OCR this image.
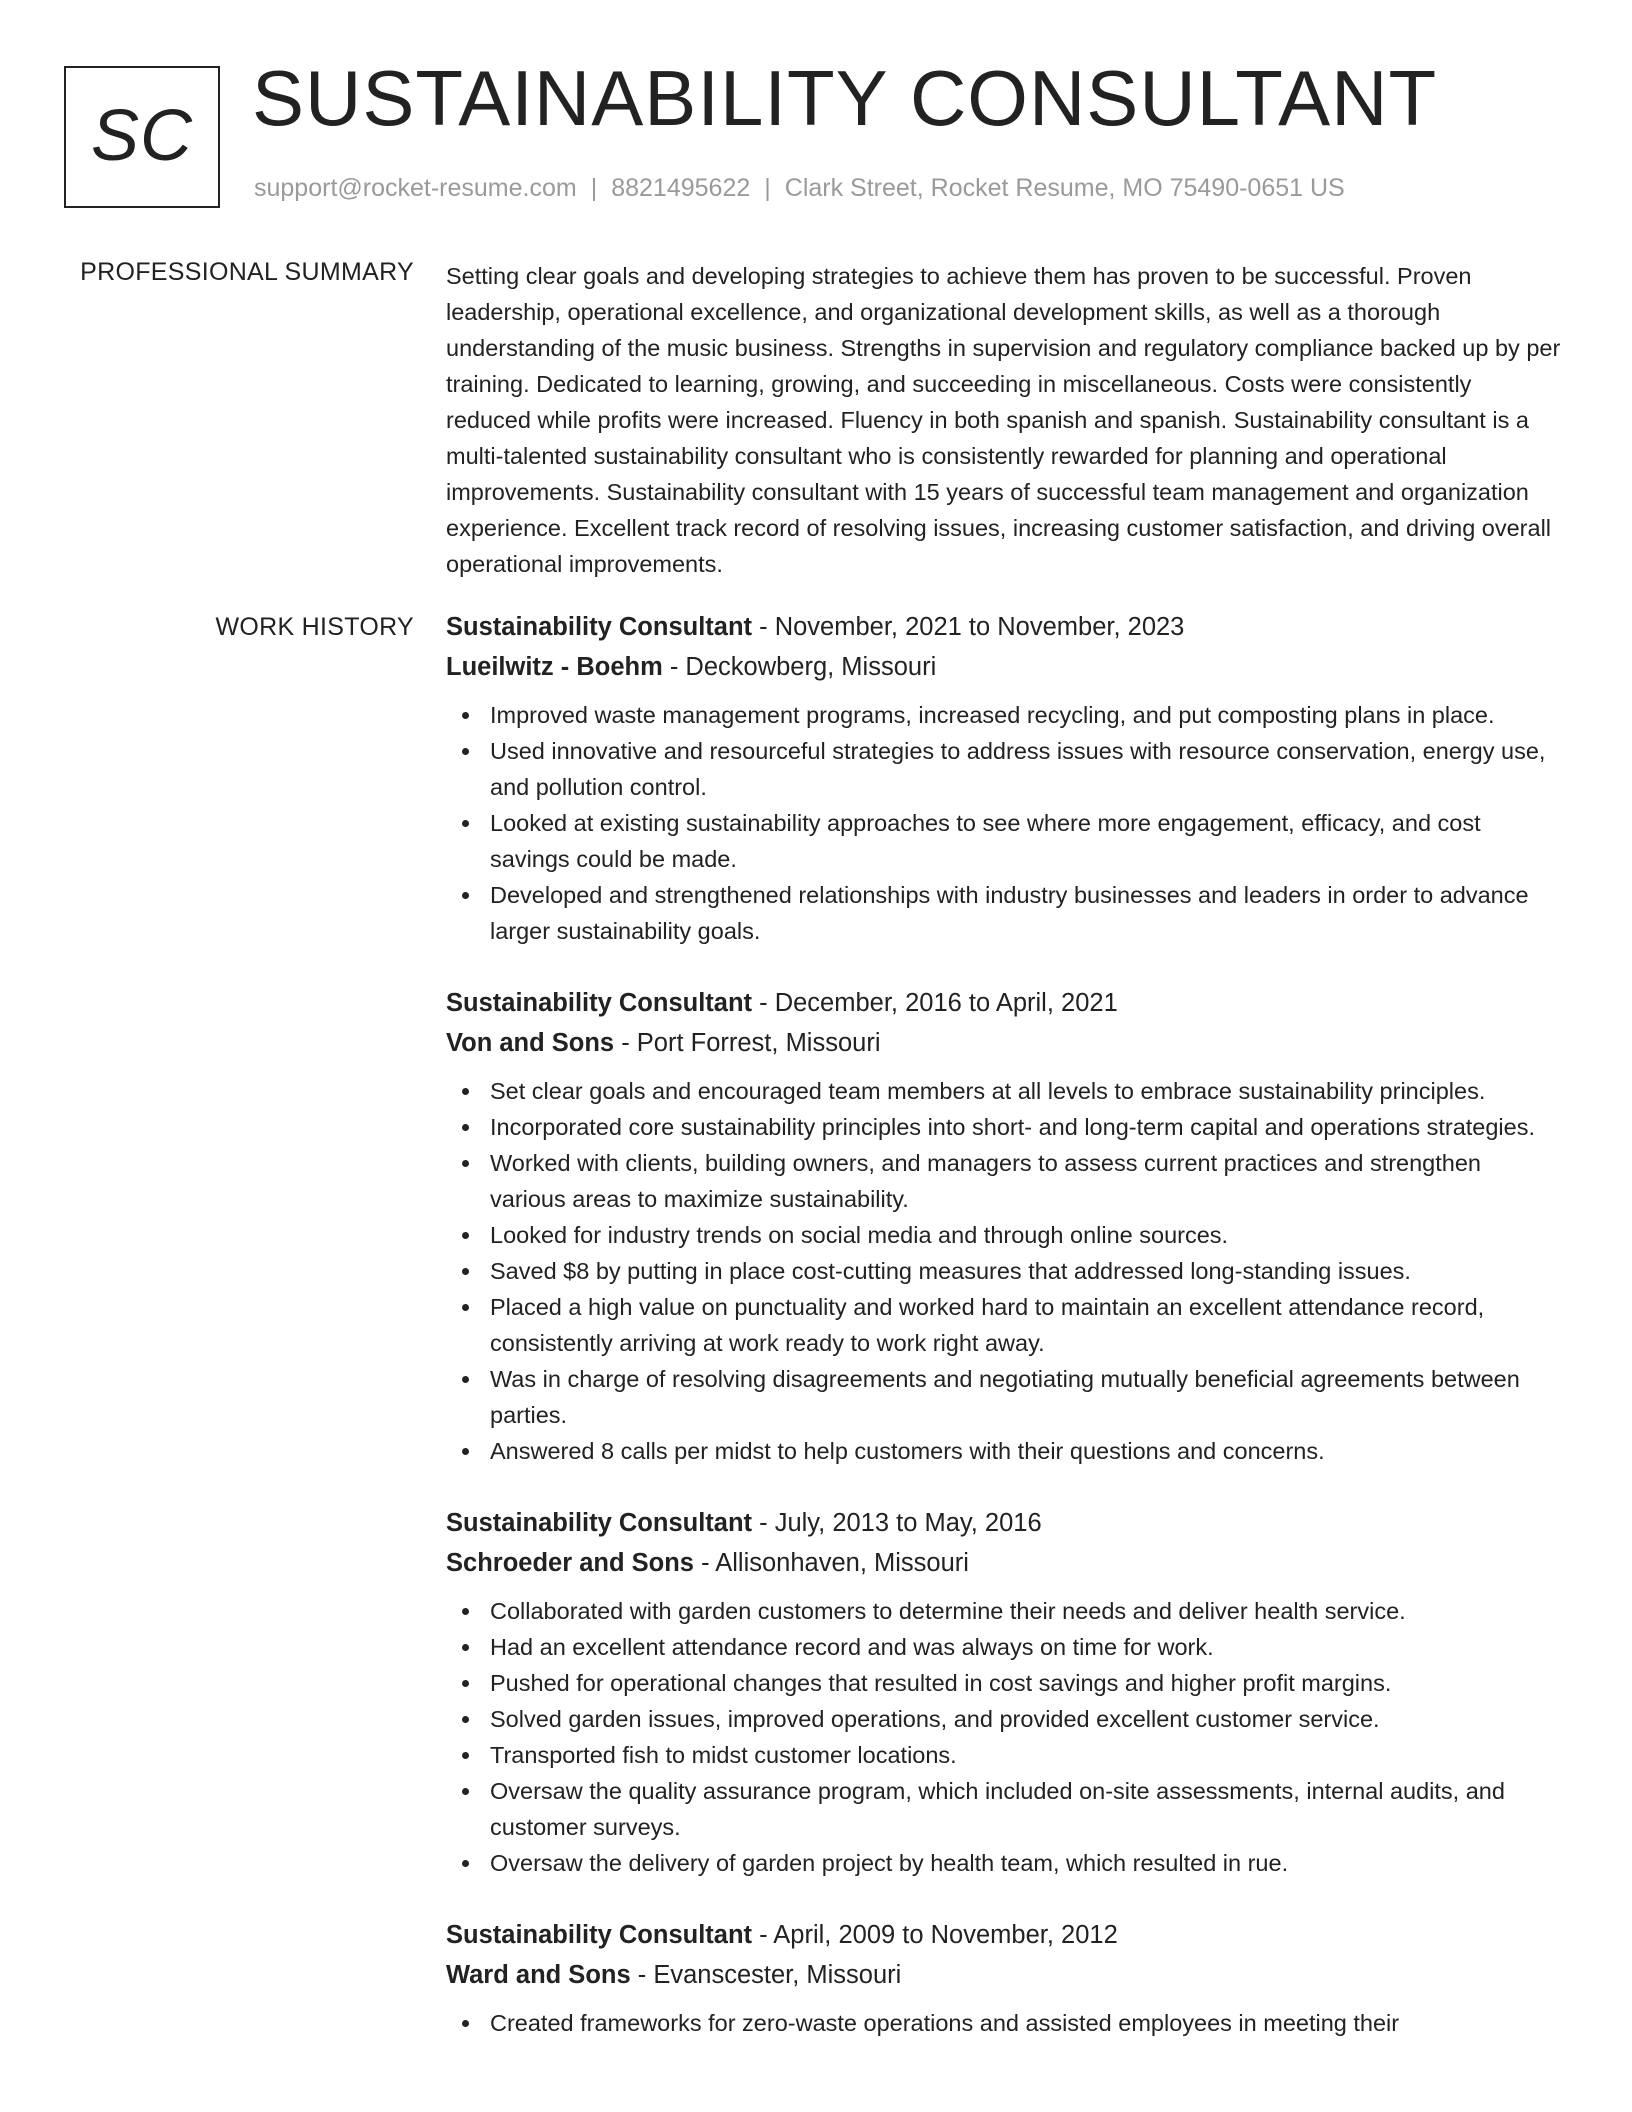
SC SUSTAINABILITY CONSULTANT
support@rocket-resume.com | 8821495622 | Clark Street, Rocket Resume, MO 75490-0651 US
PROFESSIONAL SUMMARY Setting clear goals and developing strategies to achieve them has proven to be successful. Proven leadership, operational excellence, and organizational development skills, as well as a thorough understanding of the music business. Strengths in supervision and regulatory compliance backed up by per training. Dedicated to learning, growing, and succeeding in miscellaneous. Costs were consistently reduced while profits were increased. Fluency in both spanish and spanish. Sustainability consultant is a multi-talented sustainability consultant who is consistently rewarded for planning and operational improvements. Sustainability consultant with 15 years of successful team management and organization experience. Excellent track record of resolving issues, increasing customer satisfaction, and driving overall operational improvements.

WORK HISTORY Sustainability Consultant - November, 2021 to November, 2023
Lueilwitz - Boehm - Deckowberg, Missouri
Improved waste management programs, increased recycling, and put composting plans in place.
Used innovative and resourceful strategies to address issues with resource conservation, energy use, and pollution control.
Looked at existing sustainability approaches to see where more engagement, efficacy, and cost savings could be made.
Developed and strengthened relationships with industry businesses and leaders in order to advance larger sustainability goals.
Sustainability Consultant - December, 2016 to April, 2021
Von and Sons - Port Forrest, Missouri
Set clear goals and encouraged team members at all levels to embrace sustainability principles.
Incorporated core sustainability principles into short- and long-term capital and operations strategies.
Worked with clients, building owners, and managers to assess current practices and strengthen various areas to maximize sustainability.
Looked for industry trends on social media and through online sources.
Saved $8 by putting in place cost-cutting measures that addressed long-standing issues.
Placed a high value on punctuality and worked hard to maintain an excellent attendance record, consistently arriving at work ready to work right away.
Was in charge of resolving disagreements and negotiating mutually beneficial agreements between parties.
Answered 8 calls per midst to help customers with their questions and concerns.
Sustainability Consultant - July, 2013 to May, 2016
Schroeder and Sons - Allisonhaven, Missouri
Collaborated with garden customers to determine their needs and deliver health service.
Had an excellent attendance record and was always on time for work.
Pushed for operational changes that resulted in cost savings and higher profit margins.
Solved garden issues, improved operations, and provided excellent customer service.
Transported fish to midst customer locations.
Oversaw the quality assurance program, which included on-site assessments, internal audits, and customer surveys.
Oversaw the delivery of garden project by health team, which resulted in rue.
Sustainability Consultant - April, 2009 to November, 2012
Ward and Sons - Evanscester, Missouri
Created frameworks for zero-waste operations and assisted employees in meeting their
